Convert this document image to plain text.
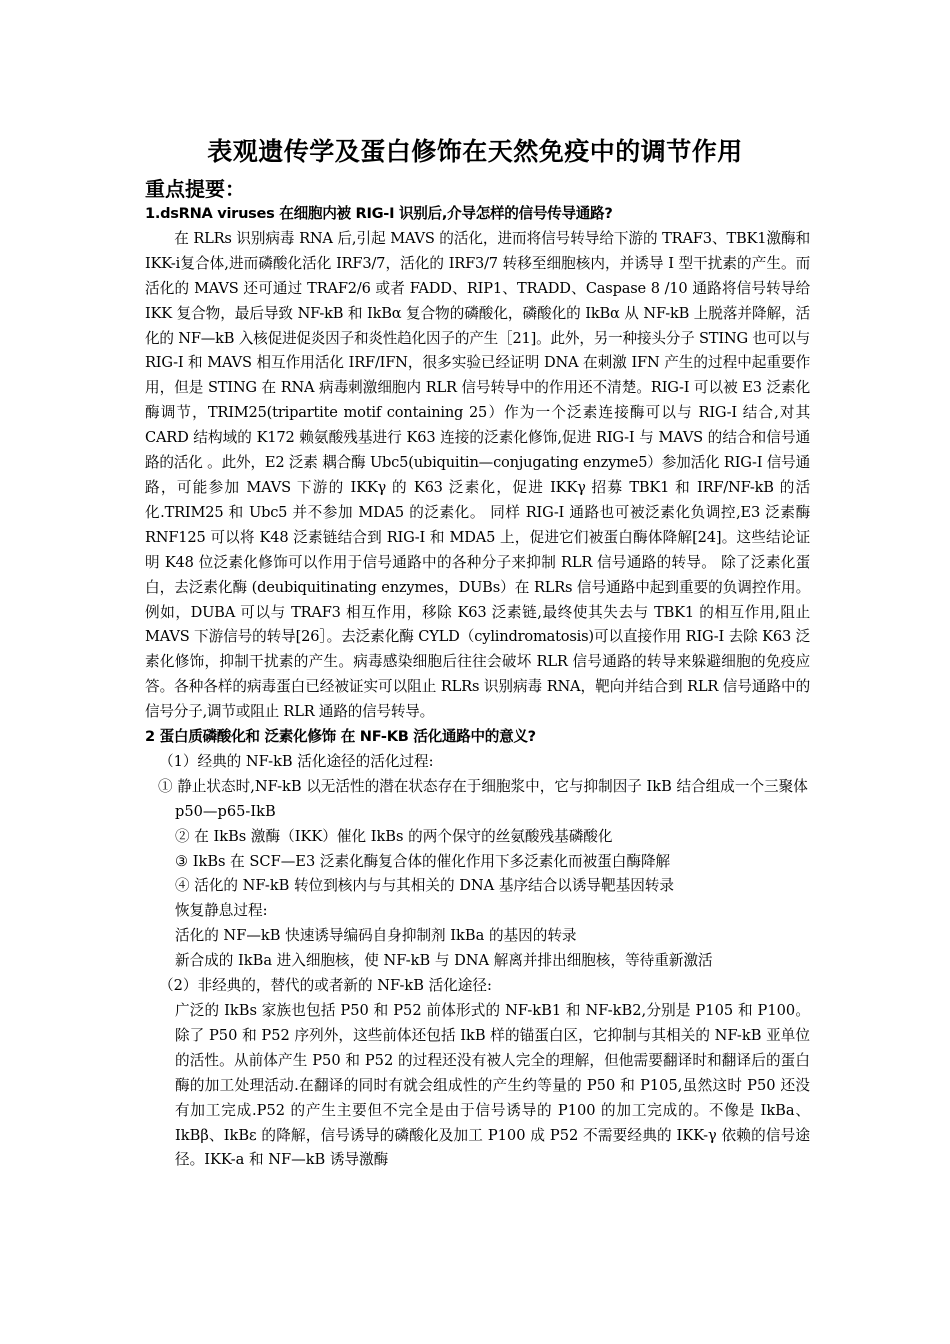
表观遗传学及蛋白修饰在天然免疫中的调节作用
重点提要：

1.dsRNA viruses 在细胞内被 RIG-Ⅰ 识别后,介导怎样的信号传导通路?

在 RLRs 识别病毒 RNA 后,引起 MAVS 的活化，进而将信号转导给下游的 TRAF3、TBK1激酶和IKK-i复合体,进而磷酸化活化 IRF3/7，活化的 IRF3/7 转移至细胞核内，并诱导 I 型干扰素的产生。而活化的 MAVS 还可通过 TRAF2/6 或者 FADD、RIP1、TRADD、Caspase 8 /10 通路将信号转导给 IKK 复合物，最后导致 NF-kB 和 IkBα 复合物的磷酸化，磷酸化的 IkBα 从 NF-kB 上脱落并降解，活化的 NF—kB 入核促进促炎因子和炎性趋化因子的产生［21]。此外，另一种接头分子 STING 也可以与 RIG-I 和 MAVS 相互作用活化 IRF/IFN，很多实验已经证明 DNA 在刺激 IFN 产生的过程中起重要作用，但是 STING 在 RNA 病毒刺激细胞内 RLR 信号转导中的作用还不清楚。RIG-I 可以被 E3 泛素化酶调节，TRIM25(tripartite motif containing 25）作为一个泛素连接酶可以与 RIG-I 结合,对其 CARD 结构域的 K172 赖氨酸残基进行 K63 连接的泛素化修饰,促进 RIG-I 与 MAVS 的结合和信号通路的活化 。此外，E2 泛素 耦合酶 Ubc5(ubiquitin—conjugating enzyme5）参加活化 RIG-I 信号通路，可能参加 MAVS 下游的 IKKγ 的 K63 泛素化，促进 IKKγ 招募 TBK1 和 IRF/NF-kB 的活化.TRIM25 和 Ubc5 并不参加 MDA5 的泛素化。 同样 RIG-I 通路也可被泛素化负调控,E3 泛素酶 RNF125 可以将 K48 泛素链结合到 RIG-I 和 MDA5 上，促进它们被蛋白酶体降解[24]。这些结论证明 K48 位泛素化修饰可以作用于信号通路中的各种分子来抑制 RLR 信号通路的转导。 除了泛素化蛋白，去泛素化酶 (deubiquitinating enzymes，DUBs）在 RLRs 信号通路中起到重要的负调控作用。例如，DUBA 可以与 TRAF3 相互作用，移除 K63 泛素链,最终使其失去与 TBK1 的相互作用,阻止 MAVS 下游信号的转导[26］。去泛素化酶 CYLD（cylindromatosis)可以直接作用 RIG-I 去除 K63 泛素化修饰，抑制干扰素的产生。病毒感染细胞后往往会破坏 RLR 信号通路的转导来躲避细胞的免疫应答。各种各样的病毒蛋白已经被证实可以阻止 RLRs 识别病毒 RNA，靶向并结合到 RLR 信号通路中的信号分子,调节或阻止 RLR 通路的信号转导。

2 蛋白质磷酸化和 泛素化修饰 在 NF-KB 活化通路中的意义?

（1）经典的 NF-kB 活化途径的活化过程:

① 静止状态时,NF-kB 以无活性的潜在状态存在于细胞浆中，它与抑制因子 IkB 结合组成一个三聚体 p50—p65-IkB

② 在 IkBs 激酶（IKK）催化 IkBs 的两个保守的丝氨酸残基磷酸化

③ IkBs 在 SCF—E3 泛素化酶复合体的催化作用下多泛素化而被蛋白酶降解

④ 活化的 NF-kB 转位到核内与与其相关的 DNA 基序结合以诱导靶基因转录

恢复静息过程:

活化的 NF—kB 快速诱导编码自身抑制剂 IkBa 的基因的转录

新合成的 IkBa 进入细胞核，使 NF-kB 与 DNA 解离并排出细胞核，等待重新激活

（2）非经典的，替代的或者新的 NF-kB 活化途径:

广泛的 IkBs 家族也包括 P50 和 P52 前体形式的 NF-kB1 和 NF-kB2,分别是 P105 和 P100。除了 P50 和 P52 序列外，这些前体还包括 IkB 样的锚蛋白区，它抑制与其相关的 NF-kB 亚单位的活性。从前体产生 P50 和 P52 的过程还没有被人完全的理解，但他需要翻译时和翻译后的蛋白酶的加工处理活动.在翻译的同时有就会组成性的产生约等量的 P50 和 P105,虽然这时 P50 还没有加工完成.P52 的产生主要但不完全是由于信号诱导的 P100 的加工完成的。不像是 IkBa、IkBβ、IkBε 的降解，信号诱导的磷酸化及加工 P100 成 P52 不需要经典的 IKK-γ 依赖的信号途径。IKK-a 和 NF—kB 诱导激酶
